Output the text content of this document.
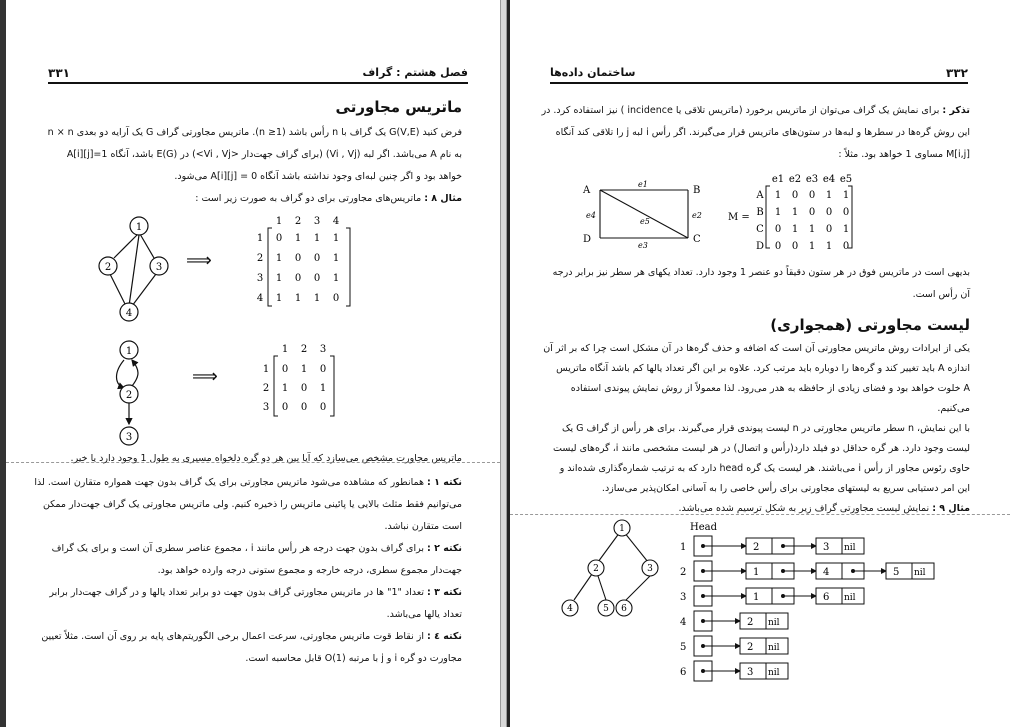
۳۳۱	فصل هشتم : گراف
ماتریس مجاورتی
فرض کنید G(V,E) یک گراف با n رأس باشد (n ≥1). ماتریس مجاورتی گراف G یک آرایه دو بعدی n × n
به نام A می‌باشد. اگر لبه (Vi , Vj) (برای گراف جهت‌دار <Vi , Vj>) در E(G) باشد، آنگاه A[i][j]=1
خواهد بود و اگر چنین لبه‌ای وجود نداشته باشد آنگاه A[i][j] = 0 می‌شود.
مثال ۸ : ماتریس‌های مجاورتی برای دو گراف به صورت زیر است :
1
2	3
4
⟹
1 2 3 4
1 0 1 1 1
2 1 0 0 1
3 1 0 0 1
4 1 1 1 0
1
2
3
⟹
1 2 3
1 0 1 0
2 1 0 1
3 0 0 0
ماتریس مجاورت مشخص می‌سازد که آیا بین هر دو گره دلخواه مسیری به طول 1 وجود دارد یا خیر.
نکته ۱ : همانطور که مشاهده می‌شود ماتریس مجاورتی برای یک گراف بدون جهت همواره متقارن است. لذا
می‌توانیم فقط مثلث بالایی یا پائینی ماتریس را ذخیره کنیم. ولی ماتریس مجاورتی یک گراف جهت‌دار ممکن
است متقارن نباشد.
نکته ۲ : برای گراف بدون جهت درجه هر رأس مانند i ، مجموع عناصر سطری آن است و برای یک گراف
جهت‌دار مجموع سطری، درجه خارجه و مجموع ستونی درجه وارده خواهد بود.
نکته ۳ : تعداد "1" ها در ماتریس مجاورتی گراف بدون جهت دو برابر تعداد یالها و در گراف جهت‌دار برابر
تعداد یالها می‌باشد.
نکته ٤ : از نقاط قوت ماتریس مجاورتی، سرعت اعمال برخی الگوریتم‌های پایه بر روی آن است. مثلاً تعیین
مجاورت دو گره i و j با مرتبه O(1) قابل محاسبه است.
۳۳۲
ساختمان داده‌ها
تذکر : برای نمایش یک گراف می‌توان از ماتریس برخورد (ماتریس تلاقی یا incidence ) نیز استفاده کرد. در
این روش گره‌ها در سطرها و لبه‌ها در ستون‌های ماتریس قرار می‌گیرند. اگر رأس i لبه j را تلاقی کند آنگاه
M[i,j] مساوی 1 خواهد بود. مثلاً :
A	B
C
D
e1
e2
e3
e4
e5	M =
e1 e2 e3 e4 e5
A 1 0 0 1 1
B 1 1 0 0 0
C 0 1 1 0 1
D 0 0 1 1 0
بدیهی است در ماتریس فوق در هر ستون دقیقاً دو عنصر 1 وجود دارد. تعداد یکهای هر سطر نیز برابر درجه
آن رأس است.
لیست مجاورتی (همجواری)
یکی از ایرادات روش ماتریس مجاورتی آن است که اضافه و حذف گره‌ها در آن مشکل است چرا که بر اثر آن
اندازه A باید تغییر کند و گره‌ها را دوباره باید مرتب کرد. علاوه بر این اگر تعداد یالها کم باشد آنگاه ماتریس
A خلوت خواهد بود و فضای زیادی از حافظه به هدر می‌رود. لذا معمولاً از روش نمایش پیوندی استفاده
می‌کنیم.
با این نمایش، n سطر ماتریس مجاورتی در n لیست پیوندی قرار می‌گیرند. برای هر رأس از گراف G یک
لیست وجود دارد. هر گره حداقل دو فیلد دارد(رأس و اتصال) در هر لیست مشخصی مانند i، گره‌های لیست
حاوی رئوس مجاور از رأس i می‌باشند. هر لیست یک گره head دارد که به ترتیب شماره‌گذاری شده‌اند و
این امر دستیابی سریع به لیستهای مجاورتی برای رأس خاصی را به آسانی امکان‌پذیر می‌سازد.
مثال ۹ : نمایش لیست مجاورتی گراف زیر به شکل ترسیم شده می‌باشد.
1
2	3
4	5 6
Head
1	2	3 nil
2	1	4	5 nil
3	1	6 nil
4	2 nil
5	2 nil
6	3 nil
